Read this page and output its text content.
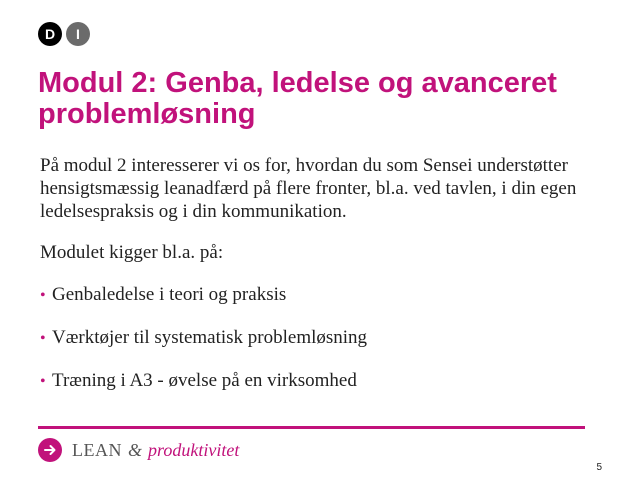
D	I
Modul 2: Genba, ledelse og avanceret problemløsning

På modul 2 interesserer vi os for, hvordan du som Sensei understøtter hensigtsmæssig leanadfærd på flere fronter, bl.a. ved tavlen, i din egen ledelsespraksis og i din kommunikation.

Modulet kigger bl.a. på:

• Genbaledelse i teori og praksis
• Værktøjer til systematisk problemløsning
• Træning i A3 - øvelse på en virksomhed
LEAN & produktivitet
5
